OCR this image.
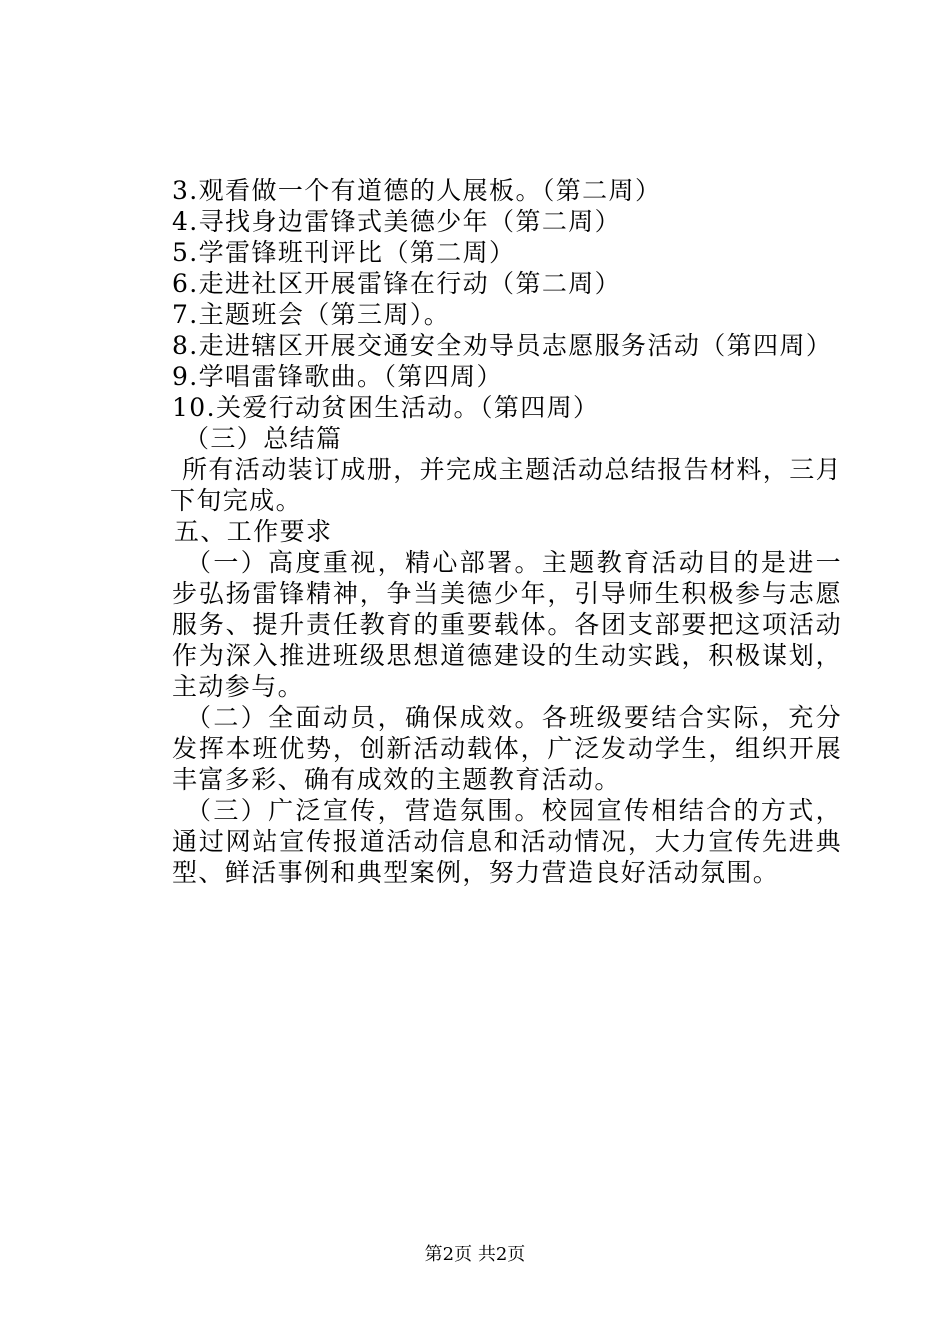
3.观看做一个有道德的人展板。（第二周）

4.寻找身边雷锋式美德少年（第二周）

5.学雷锋班刊评比（第二周）

6.走进社区开展雷锋在行动（第二周）

7.主题班会（第三周）。

8.走进辖区开展交通安全劝导员志愿服务活动（第四周）

9.学唱雷锋歌曲。（第四周）

10.关爱行动贫困生活动。（第四周）

（三）总结篇

所有活动装订成册，并完成主题活动总结报告材料，三月下旬完成。

五、工作要求

（一）高度重视，精心部署。主题教育活动目的是进一步弘扬雷锋精神，争当美德少年，引导师生积极参与志愿服务、提升责任教育的重要载体。各团支部要把这项活动作为深入推进班级思想道德建设的生动实践，积极谋划，主动参与。

（二）全面动员，确保成效。各班级要结合实际，充分发挥本班优势，创新活动载体，广泛发动学生，组织开展丰富多彩、确有成效的主题教育活动。

（三）广泛宣传，营造氛围。校园宣传相结合的方式，通过网站宣传报道活动信息和活动情况，大力宣传先进典型、鲜活事例和典型案例，努力营造良好活动氛围。

第2页 共2页
